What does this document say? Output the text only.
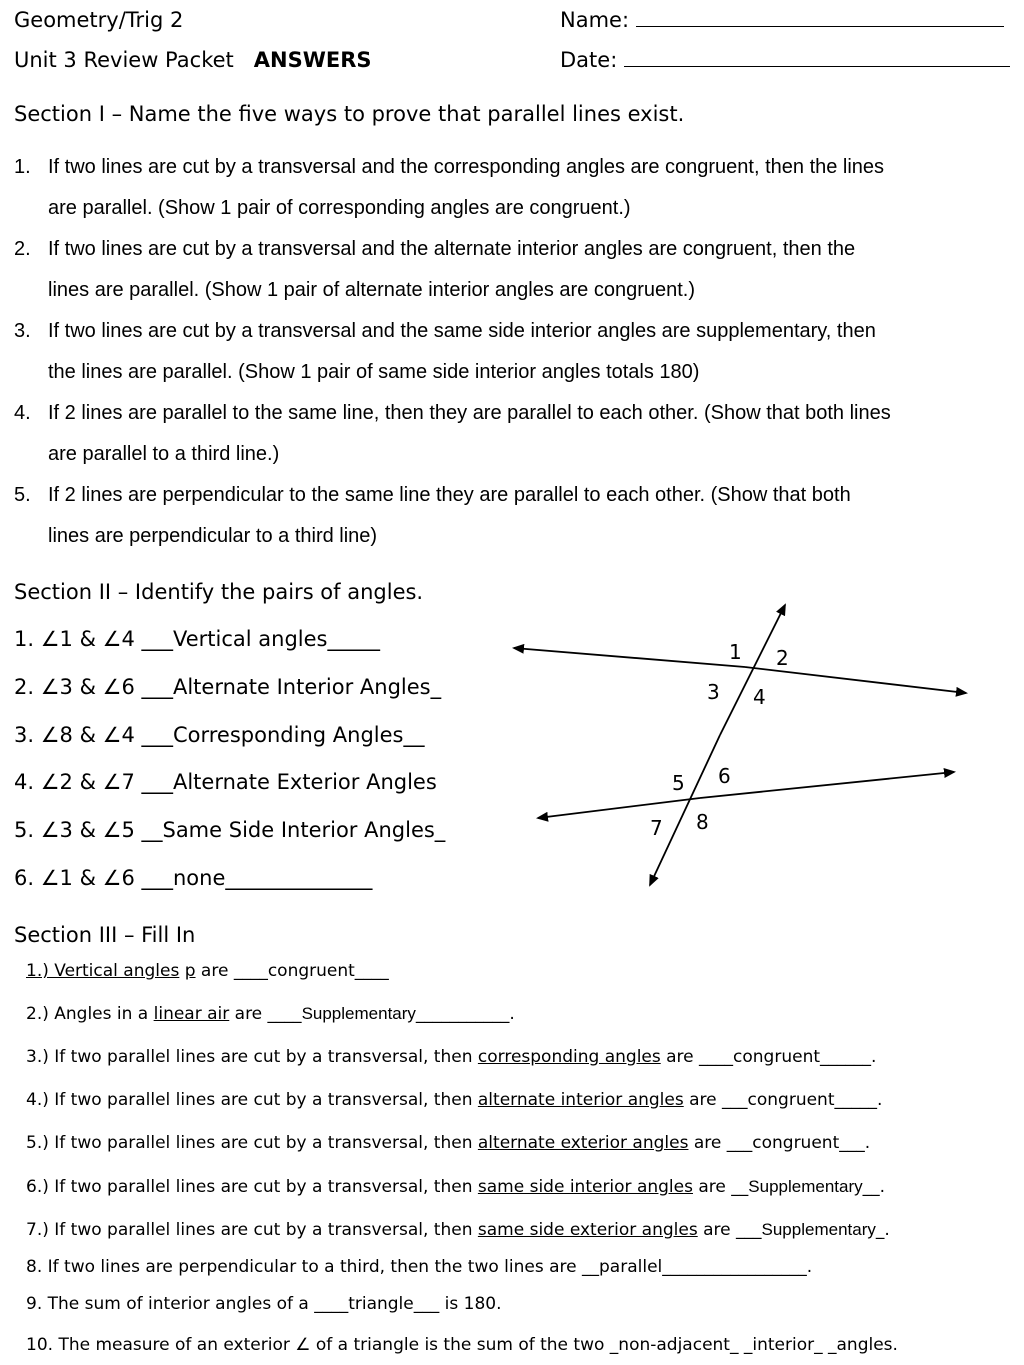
Geometry/Trig 2
Unit 3 Review Packet ANSWERS
Name:
Date:
Section I – Name the five ways to prove that parallel lines exist.
1. If two lines are cut by a transversal and the corresponding angles are congruent, then the lines
are parallel. (Show 1 pair of corresponding angles are congruent.)
2. If two lines are cut by a transversal and the alternate interior angles are congruent, then the
lines are parallel. (Show 1 pair of alternate interior angles are congruent.)
3. If two lines are cut by a transversal and the same side interior angles are supplementary, then
the lines are parallel. (Show 1 pair of same side interior angles totals 180)
4. If 2 lines are parallel to the same line, then they are parallel to each other. (Show that both lines
are parallel to a third line.)
5. If 2 lines are perpendicular to the same line they are parallel to each other. (Show that both
lines are perpendicular to a third line)
Section II – Identify the pairs of angles.
1. ∠1 & ∠4 ___Vertical angles_____
2. ∠3 & ∠6 ___Alternate Interior Angles_
3. ∠8 & ∠4 ___Corresponding Angles__
4. ∠2 & ∠7 ___Alternate Exterior Angles
5. ∠3 & ∠5 __Same Side Interior Angles_
6. ∠1 & ∠6 ___none______________
1 2
3 4
5 6
7 8
Section III – Fill In
1.) Vertical angles p are ____congruent____
2.) Angles in a linear air are ____Supplementary___________.
3.) If two parallel lines are cut by a transversal, then corresponding angles are ____congruent______.
4.) If two parallel lines are cut by a transversal, then alternate interior angles are ___congruent_____.
5.) If two parallel lines are cut by a transversal, then alternate exterior angles are ___congruent___.
6.) If two parallel lines are cut by a transversal, then same side interior angles are __Supplementary__.
7.) If two parallel lines are cut by a transversal, then same side exterior angles are ___Supplementary_.
8. If two lines are perpendicular to a third, then the two lines are __parallel_________________.
9. The sum of interior angles of a ____triangle___ is 180.
10. The measure of an exterior ∠ of a triangle is the sum of the two _non-adjacent_ _interior_ _angles.
